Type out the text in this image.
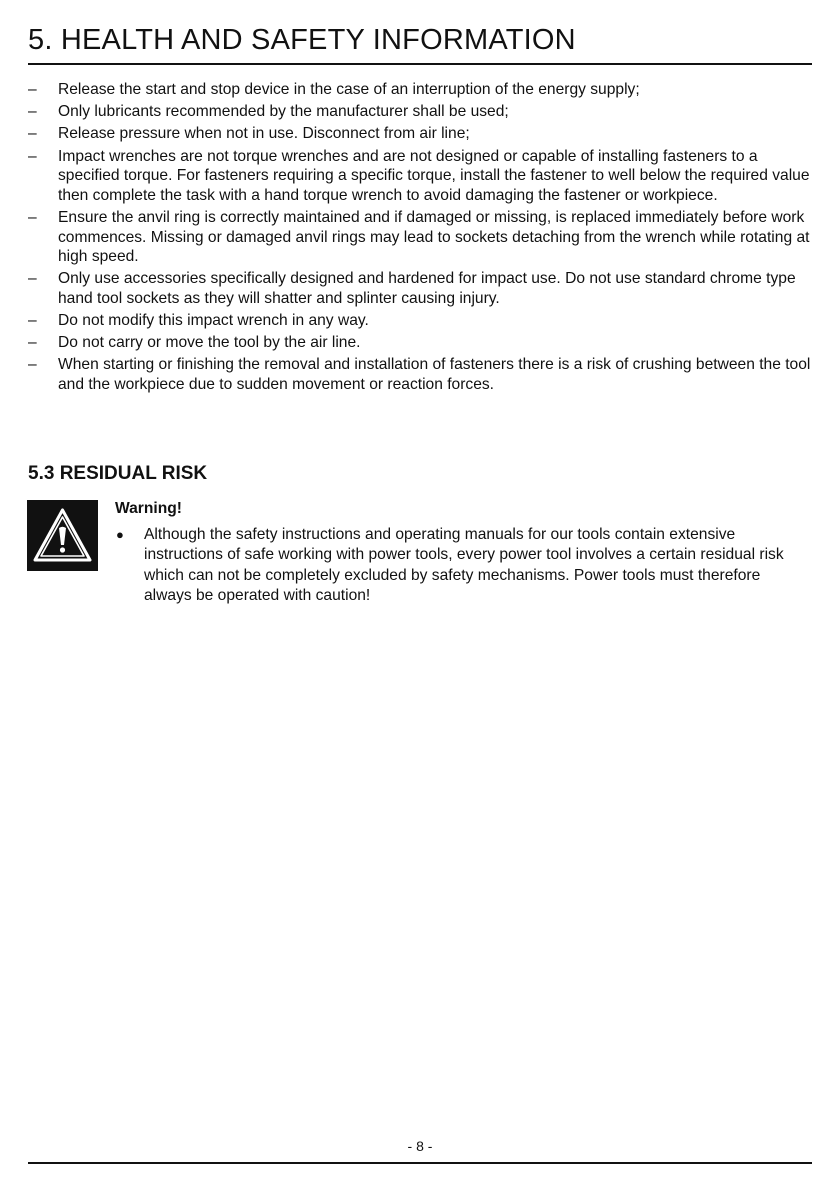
5. HEALTH AND SAFETY INFORMATION
– Release the start and stop device in the case of an interruption of the energy supply;
– Only lubricants recommended by the manufacturer shall be used;
– Release pressure when not in use. Disconnect from air line;
– Impact wrenches are not torque wrenches and are not designed or capable of installing fasteners to a specified torque. For fasteners requiring a specific torque, install the fastener to well below the required value then complete the task with a hand torque wrench to avoid damaging the fastener or workpiece.
– Ensure the anvil ring is correctly maintained and if damaged or missing, is replaced immediately before work commences. Missing or damaged anvil rings may lead to sockets detaching from the wrench while rotating at high speed.
– Only use accessories specifically designed and hardened for impact use. Do not use standard chrome type hand tool sockets as they will shatter and splinter causing injury.
– Do not modify this impact wrench in any way.
– Do not carry or move the tool by the air line.
– When starting or finishing the removal and installation of fasteners there is a risk of crushing between the tool and the workpiece due to sudden movement or reaction forces.
5.3 RESIDUAL RISK
Warning!
● Although the safety instructions and operating manuals for our tools contain extensive instructions of safe working with power tools, every power tool involves a certain residual risk which can not be completely excluded by safety mechanisms. Power tools must therefore always be operated with caution!
- 8 -
